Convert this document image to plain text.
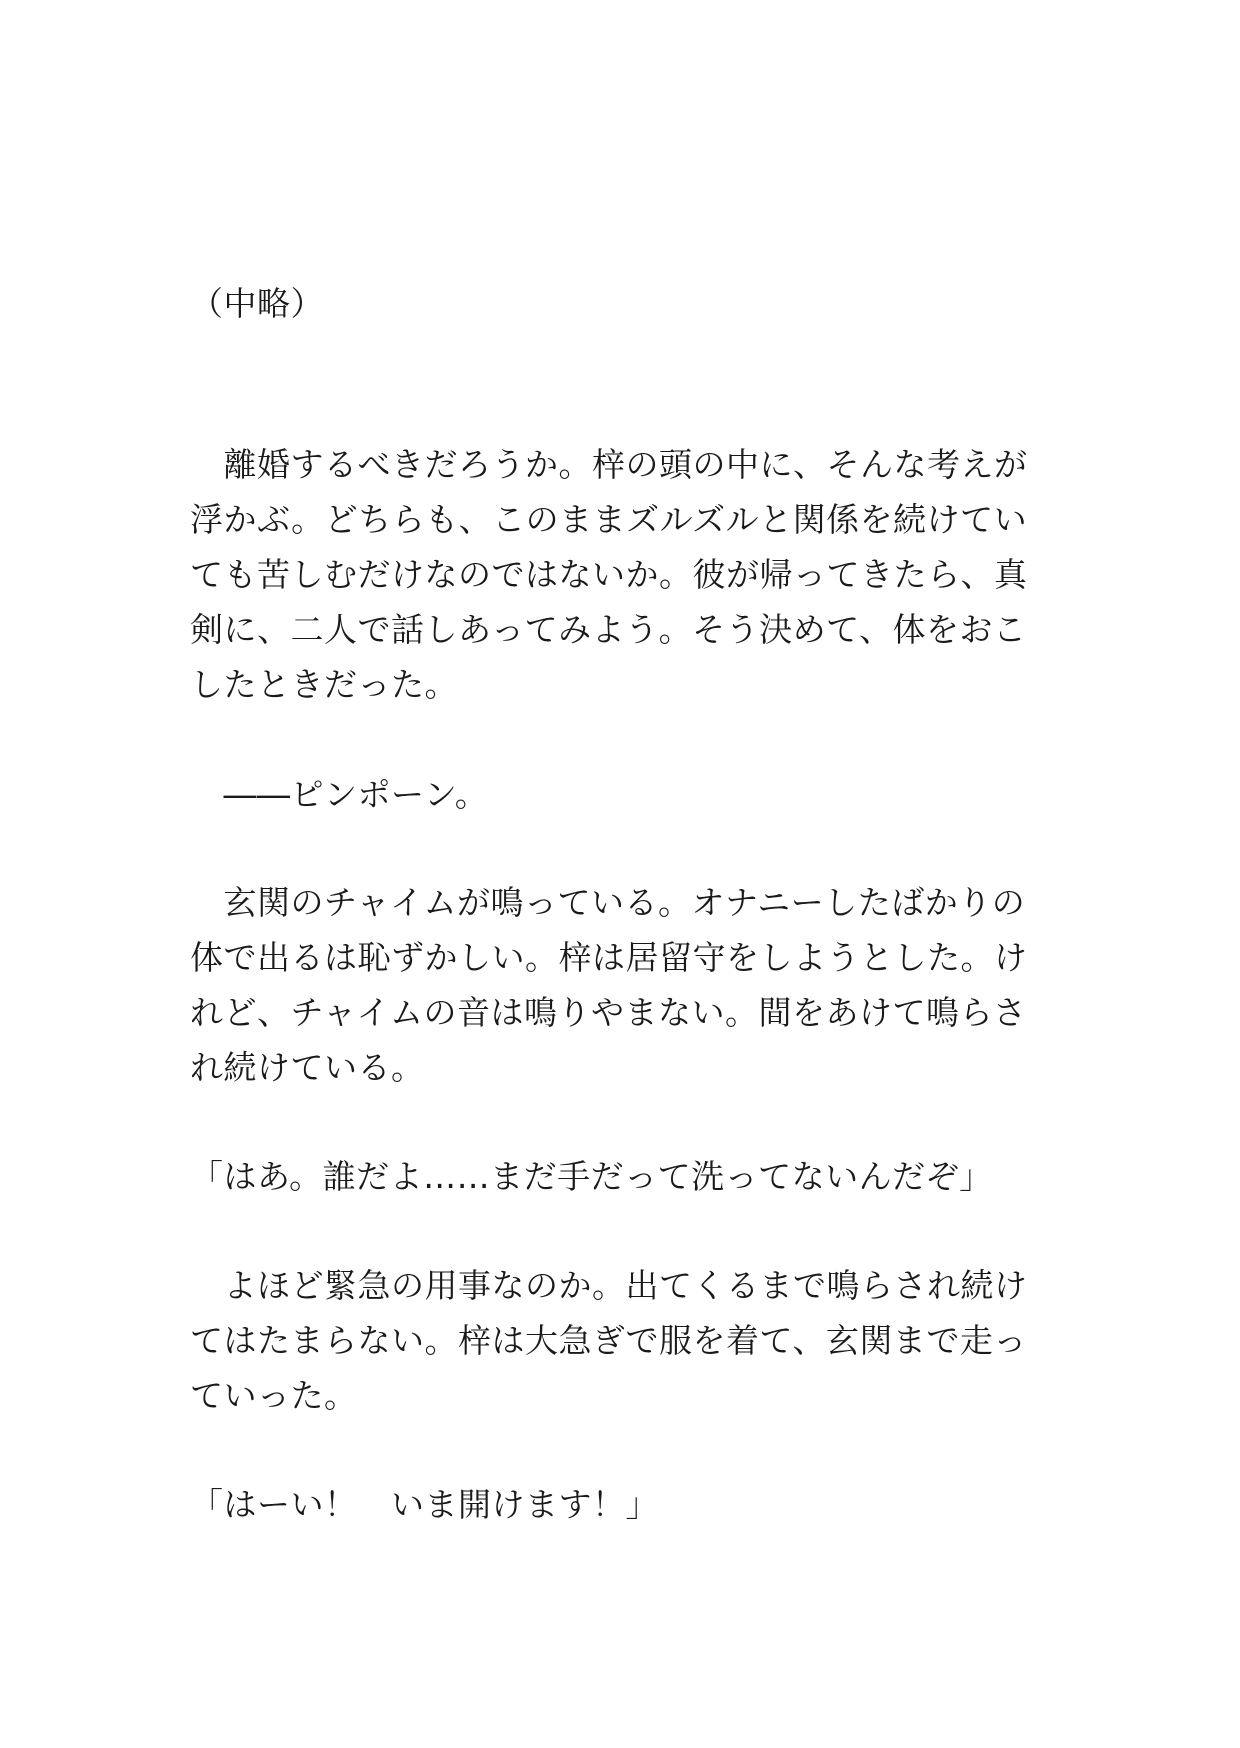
（中略）
　離婚するべきだろうか。梓の頭の中に、そんな考えが
浮かぶ。どちらも、このままズルズルと関係を続けてい
ても苦しむだけなのではないか。彼が帰ってきたら、真
剣に、二人で話しあってみよう。そう決めて、体をおこ
したときだった。
　――ピンポーン。
　玄関のチャイムが鳴っている。オナニーしたばかりの
体で出るは恥ずかしい。梓は居留守をしようとした。け
れど、チャイムの音は鳴りやまない。間をあけて鳴らさ
れ続けている。
「はあ。誰だよ……まだ手だって洗ってないんだぞ」
　よほど緊急の用事なのか。出てくるまで鳴らされ続け
てはたまらない。梓は大急ぎで服を着て、玄関まで走っ
ていった。
「はーい！　いま開けます！」
